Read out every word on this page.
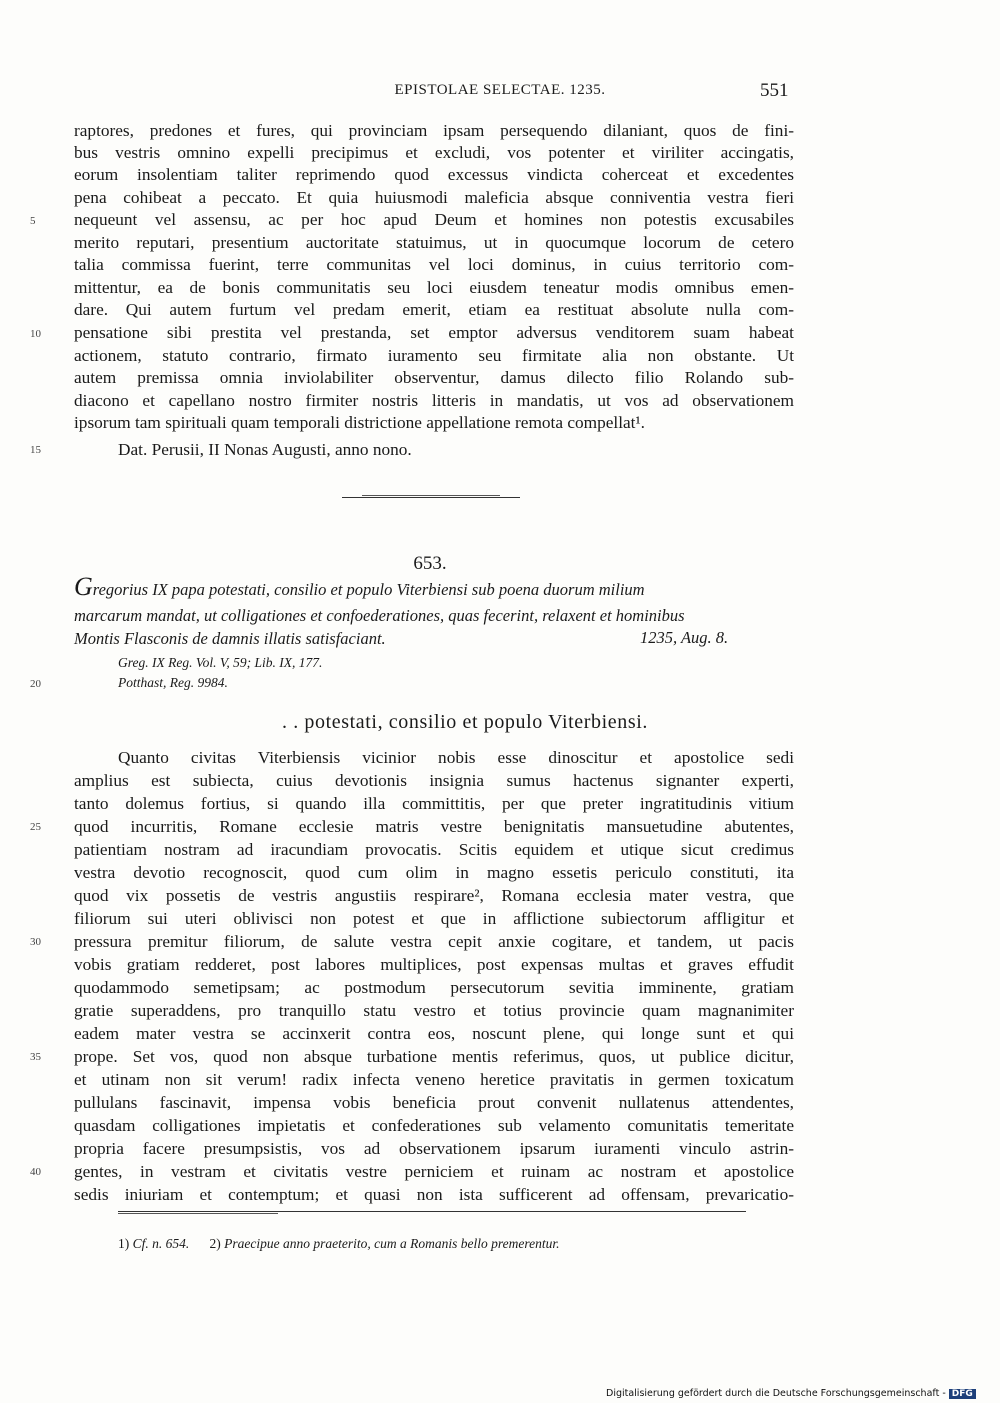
EPISTOLAE SELECTAE. 1235.	551
raptores, predones et fures, qui provinciam ipsam persequendo dilaniant, quos de fini-
bus vestris omnino expelli precipimus et excludi, vos potenter et viriliter accingatis,
eorum insolentiam taliter reprimendo quod excessus vindicta coherceat et excedentes
pena cohibeat a peccato. Et quia huiusmodi maleficia absque conniventia vestra fieri
nequeunt vel assensu, ac per hoc apud Deum et homines non potestis excusabiles
merito reputari, presentium auctoritate statuimus, ut in quocumque locorum de cetero
talia commissa fuerint, terre communitas vel loci dominus, in cuius territorio com-
mittentur, ea de bonis communitatis seu loci eiusdem teneatur modis omnibus emen-
dare. Qui autem furtum vel predam emerit, etiam ea restituat absolute nulla com-
pensatione sibi prestita vel prestanda, set emptor adversus venditorem suam habeat
actionem, statuto contrario, firmato iuramento seu firmitate alia non obstante. Ut
autem premissa omnia inviolabiliter observentur, damus dilecto filio Rolando sub-
diacono et capellano nostro firmiter nostris litteris in mandatis, ut vos ad observationem
ipsorum tam spirituali quam temporali districtione appellatione remota compellat¹.
Dat. Perusii, II Nonas Augusti, anno nono.
5
10
15
653.
Gregorius IX papa potestati, consilio et populo Viterbiensi sub poena duorum milium
marcarum mandat, ut colligationes et confoederationes, quas fecerint, relaxent et hominibus
Montis Flasconis de damnis illatis satisfaciant.	1235, Aug. 8.
Greg. IX Reg. Vol. V, 59; Lib. IX, 177.
Potthast, Reg. 9984.
20
. . potestati, consilio et populo Viterbiensi.
Quanto civitas Viterbiensis vicinior nobis esse dinoscitur et apostolice sedi
amplius est subiecta, cuius devotionis insignia sumus hactenus signanter experti,
tanto dolemus fortius, si quando illa committitis, per que preter ingratitudinis vitium
quod incurritis, Romane ecclesie matris vestre benignitatis mansuetudine abutentes,
patientiam nostram ad iracundiam provocatis. Scitis equidem et utique sicut credimus
vestra devotio recognoscit, quod cum olim in magno essetis periculo constituti, ita
quod vix possetis de vestris angustiis respirare², Romana ecclesia mater vestra, que
filiorum sui uteri oblivisci non potest et que in afflictione subiectorum affligitur et
pressura premitur filiorum, de salute vestra cepit anxie cogitare, et tandem, ut pacis
vobis gratiam redderet, post labores multiplices, post expensas multas et graves effudit
quodammodo semetipsam; ac postmodum persecutorum sevitia imminente, gratiam
gratie superaddens, pro tranquillo statu vestro et totius provincie quam magnanimiter
eadem mater vestra se accinxerit contra eos, noscunt plene, qui longe sunt et qui
prope. Set vos, quod non absque turbatione mentis referimus, quos, ut publice dicitur,
et utinam non sit verum! radix infecta veneno heretice pravitatis in germen toxicatum
pullulans fascinavit, impensa vobis beneficia prout convenit nullatenus attendentes,
quasdam colligationes impietatis et confederationes sub velamento comunitatis temeritate
propria facere presumpsistis, vos ad observationem ipsarum iuramenti vinculo astrin-
gentes, in vestram et civitatis vestre perniciem et ruinam ac nostram et apostolice
sedis iniuriam et contemptum; et quasi non ista sufficerent ad offensam, prevaricatio-
25
30
35
40
1) Cf. n. 654. 2) Praecipue anno praeterito, cum a Romanis bello premerentur.
Digitalisierung gefördert durch die Deutsche Forschungsgemeinschaft - DFG
